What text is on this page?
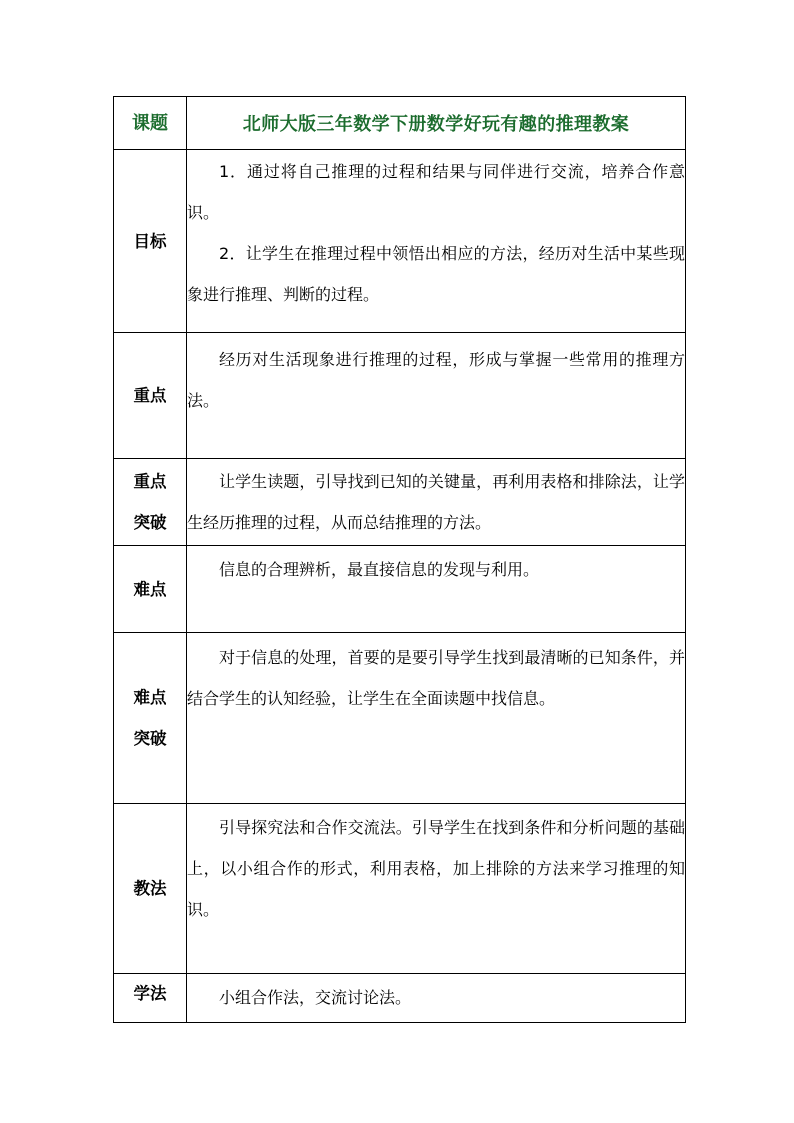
课题	北师大版三年数学下册数学好玩有趣的推理教案
目标	1．通过将自己推理的过程和结果与同伴进行交流，培养合作意识。

2．让学生在推理过程中领悟出相应的方法，经历对生活中某些现象进行推理、判断的过程。

重点	经历对生活现象进行推理的过程，形成与掌握一些常用的推理方法。

重点
突破	让学生读题，引导找到已知的关键量，再利用表格和排除法，让学生经历推理的过程，从而总结推理的方法。

难点	信息的合理辨析，最直接信息的发现与利用。

难点
突破	对于信息的处理，首要的是要引导学生找到最清晰的已知条件，并结合学生的认知经验，让学生在全面读题中找信息。

教法	引导探究法和合作交流法。引导学生在找到条件和分析问题的基础上，以小组合作的形式，利用表格，加上排除的方法来学习推理的知识。

学法	小组合作法，交流讨论法。
